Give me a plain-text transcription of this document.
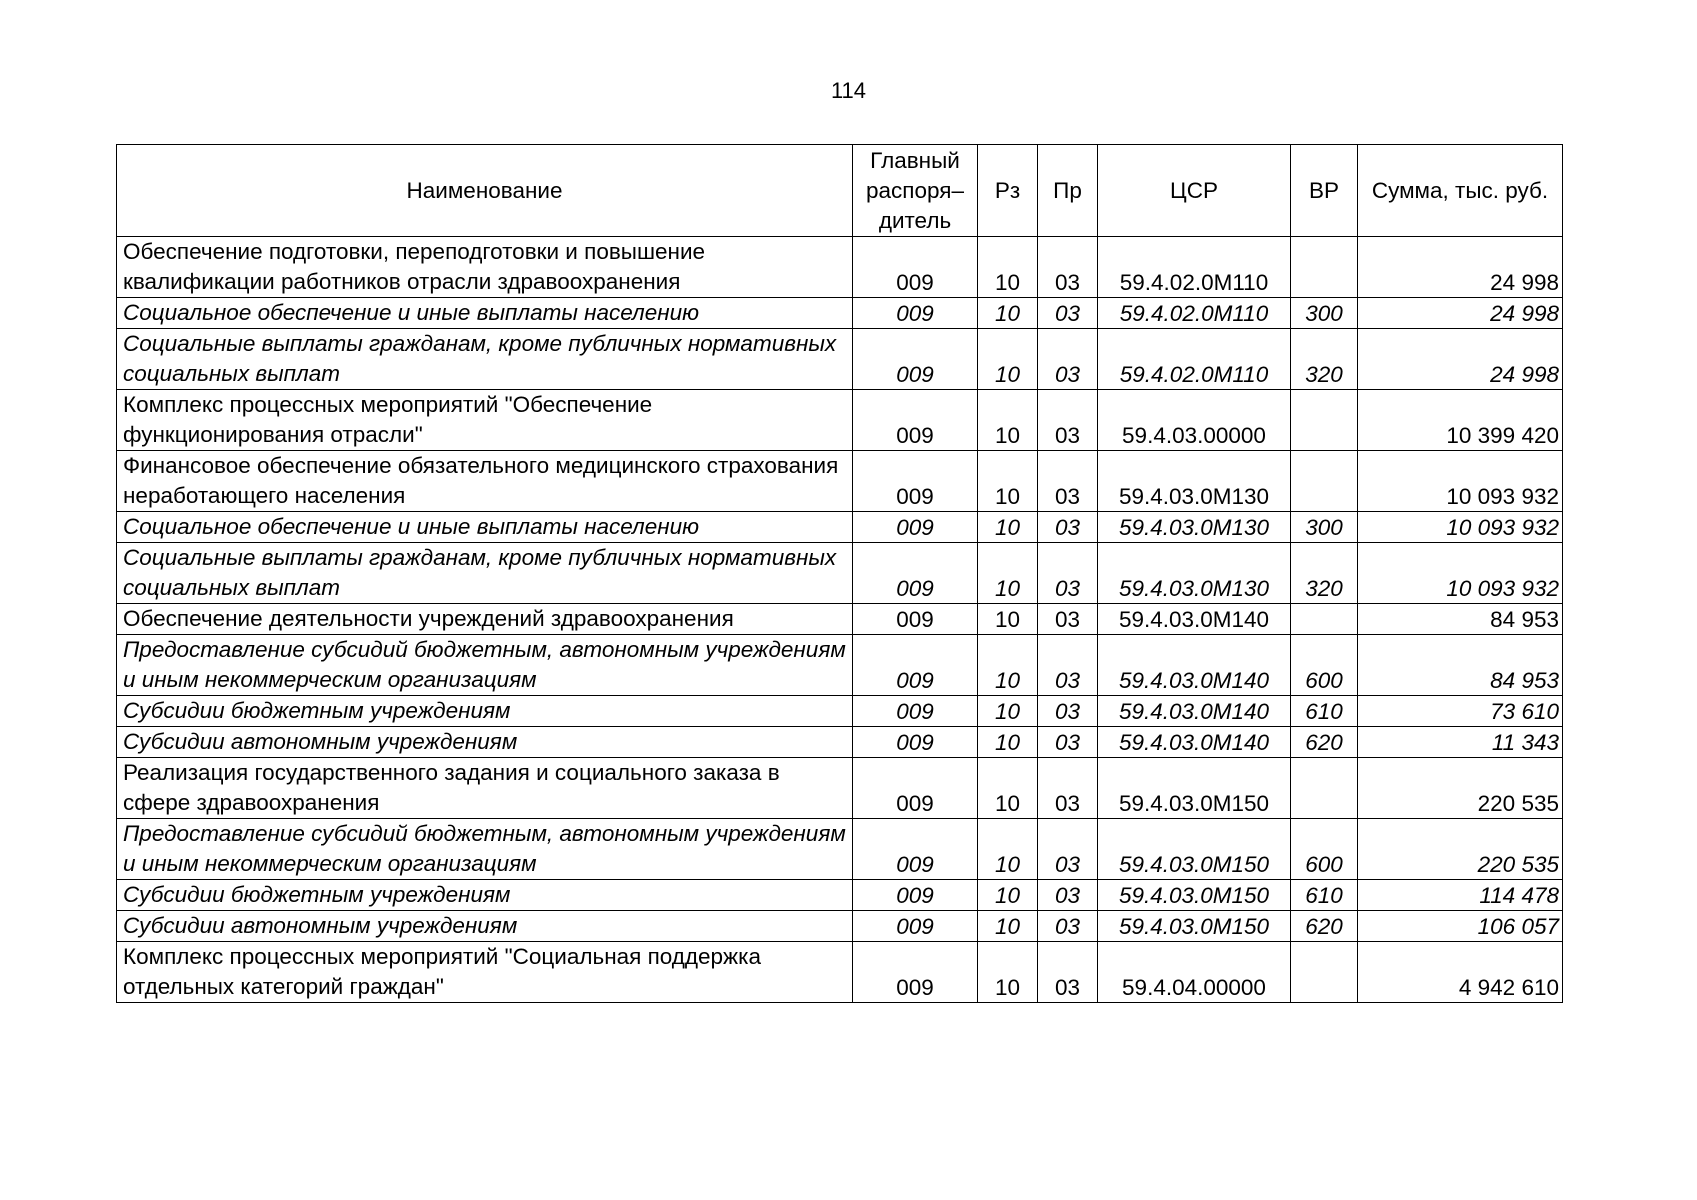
114
Наименование	Главный распоря– дитель	Рз	Пр	ЦСР	ВР	Сумма, тыс. руб.
Обеспечение подготовки, переподготовки и повышение квалификации работников отрасли здравоохранения	009	10	03	59.4.02.0М110		24 998
Социальное обеспечение и иные выплаты населению	009	10	03	59.4.02.0М110	300	24 998
Социальные выплаты гражданам, кроме публичных нормативных социальных выплат	009	10	03	59.4.02.0М110	320	24 998
Комплекс процессных мероприятий "Обеспечение функционирования отрасли"	009	10	03	59.4.03.00000		10 399 420
Финансовое обеспечение обязательного медицинского страхования неработающего населения	009	10	03	59.4.03.0М130		10 093 932
Социальное обеспечение и иные выплаты населению	009	10	03	59.4.03.0М130	300	10 093 932
Социальные выплаты гражданам, кроме публичных нормативных социальных выплат	009	10	03	59.4.03.0М130	320	10 093 932
Обеспечение деятельности учреждений здравоохранения	009	10	03	59.4.03.0М140		84 953
Предоставление субсидий бюджетным, автономным учреждениям и иным некоммерческим организациям	009	10	03	59.4.03.0М140	600	84 953
Субсидии бюджетным учреждениям	009	10	03	59.4.03.0М140	610	73 610
Субсидии автономным учреждениям	009	10	03	59.4.03.0М140	620	11 343
Реализация государственного задания и социального заказа в сфере здравоохранения	009	10	03	59.4.03.0М150		220 535
Предоставление субсидий бюджетным, автономным учреждениям и иным некоммерческим организациям	009	10	03	59.4.03.0М150	600	220 535
Субсидии бюджетным учреждениям	009	10	03	59.4.03.0М150	610	114 478
Субсидии автономным учреждениям	009	10	03	59.4.03.0М150	620	106 057
Комплекс процессных мероприятий "Социальная поддержка отдельных категорий граждан"	009	10	03	59.4.04.00000		4 942 610
